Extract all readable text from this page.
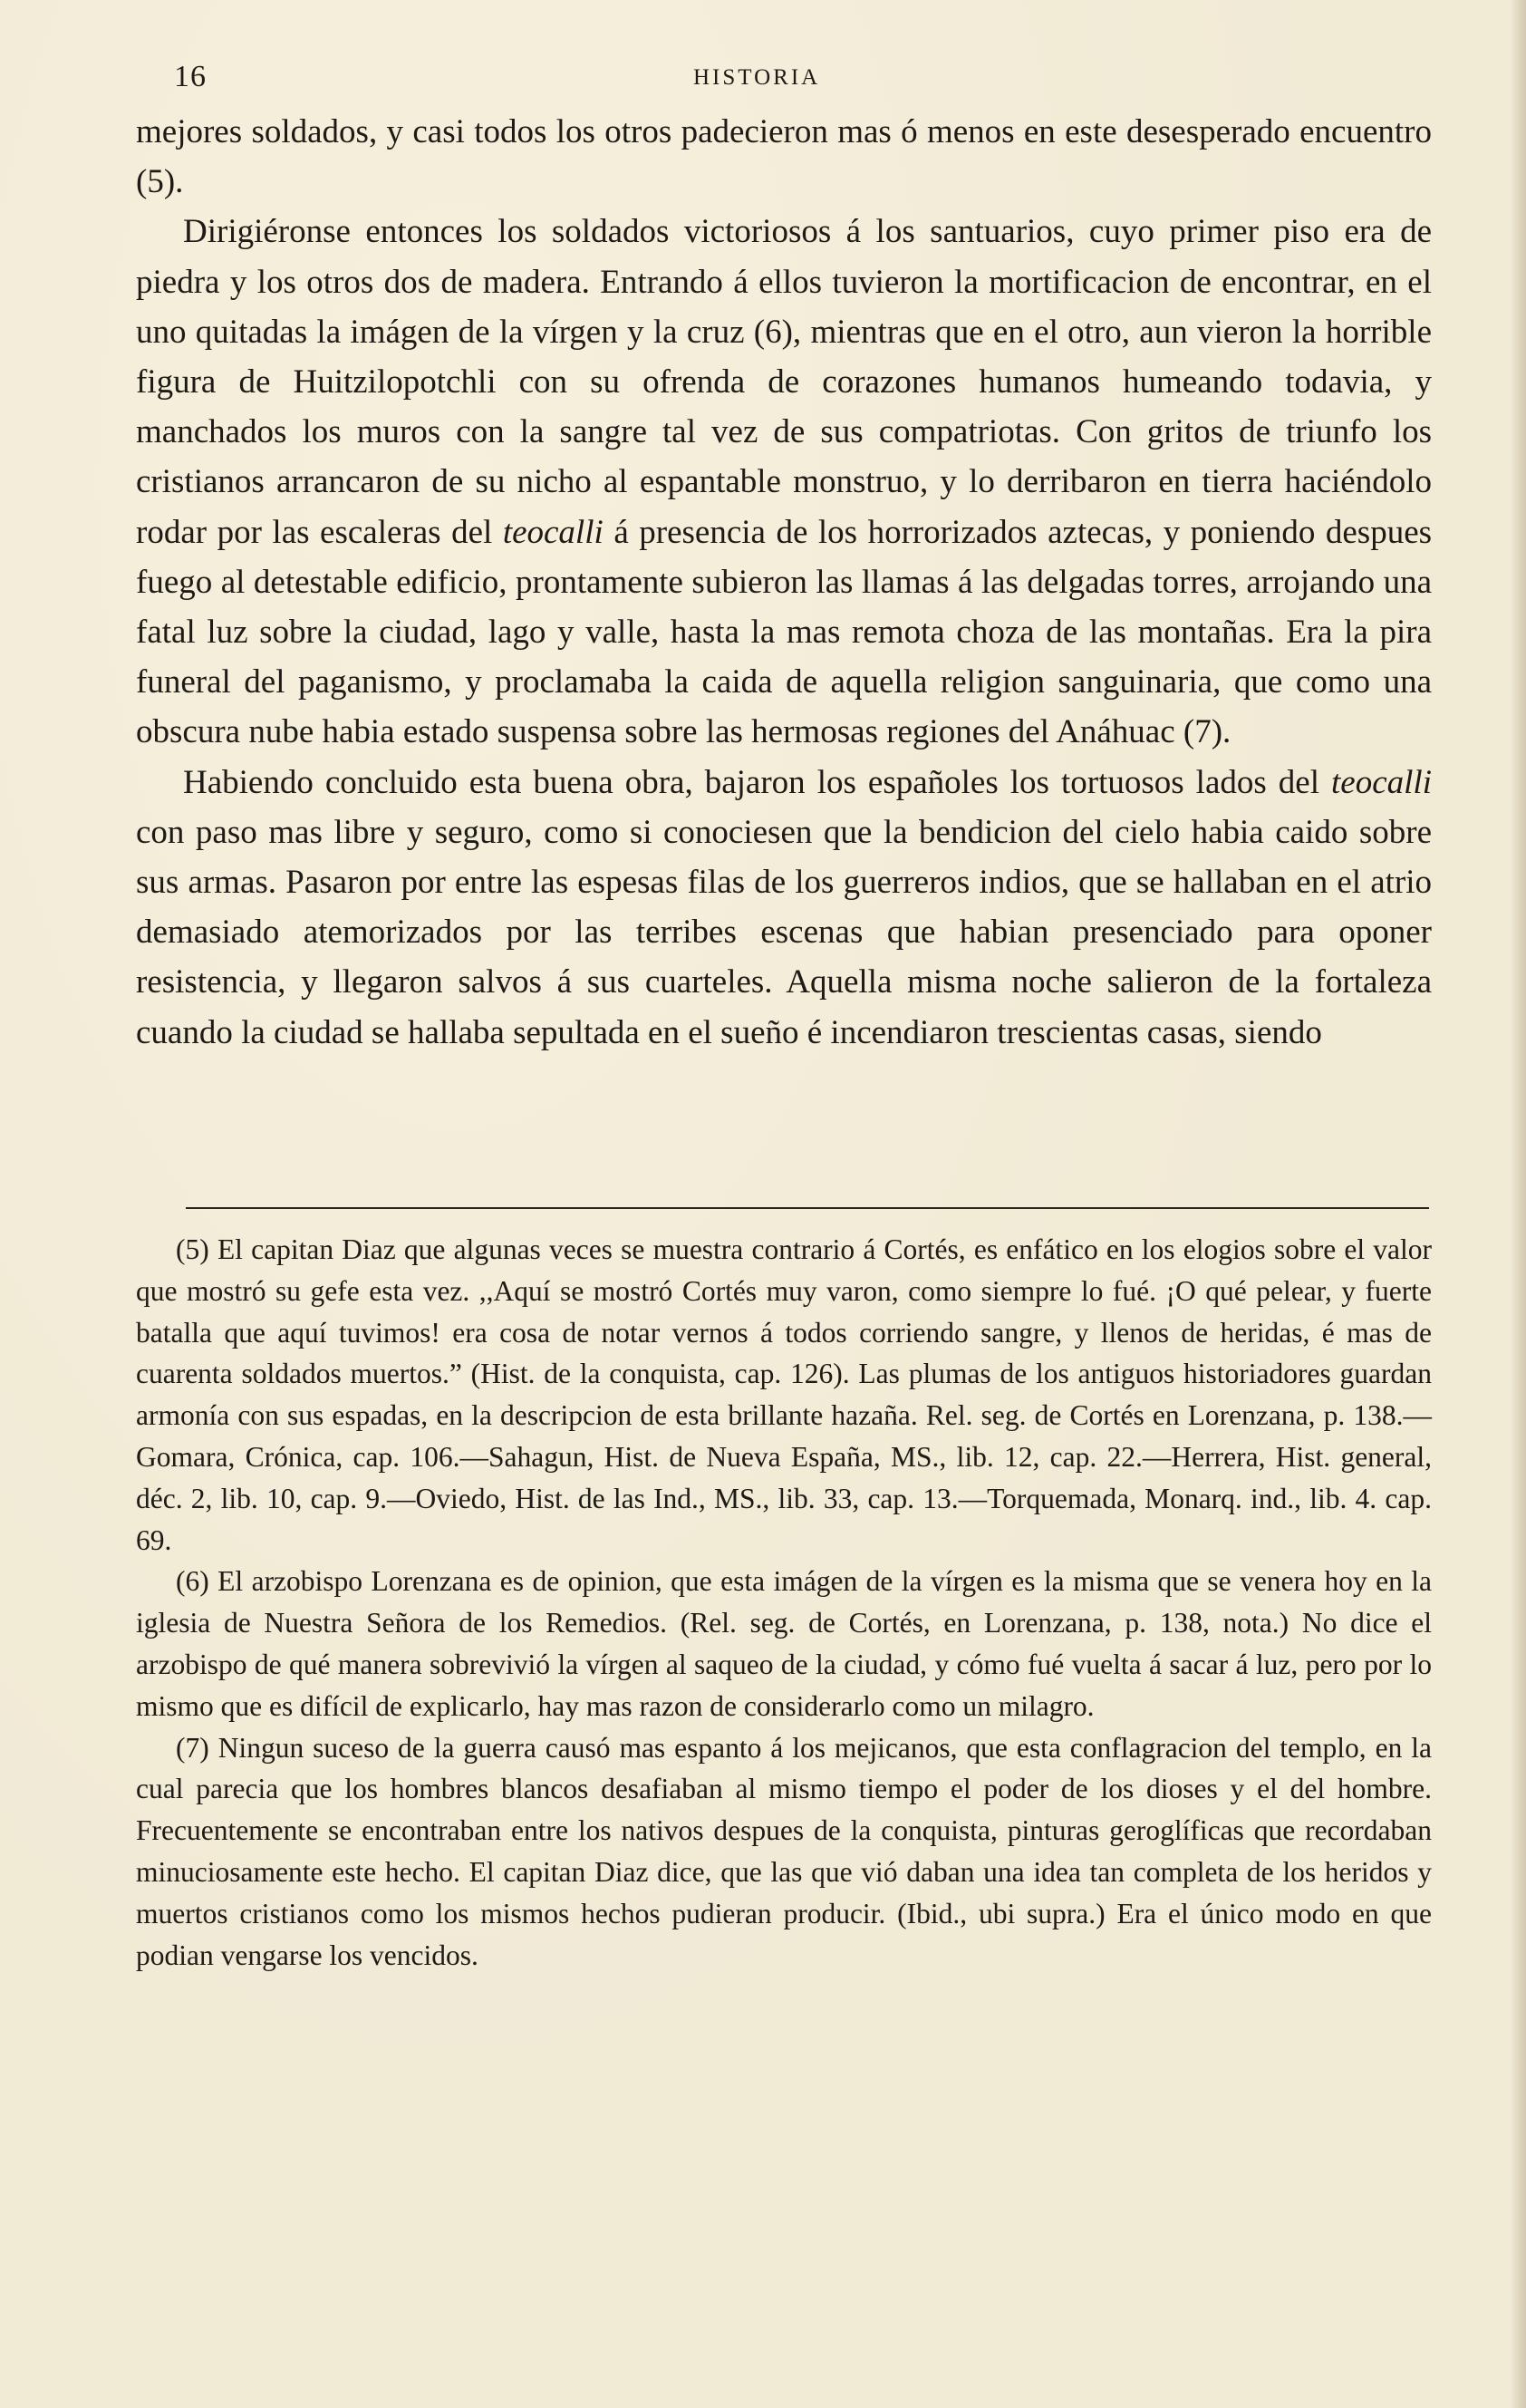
16	HISTORIA

mejores soldados, y casi todos los otros padecieron mas ó menos en este desesperado encuentro (5).

Dirigiéronse entonces los soldados victoriosos á los santuarios, cuyo primer piso era de piedra y los otros dos de madera. Entrando á ellos tuvieron la mortificacion de encontrar, en el uno quitadas la imágen de la vírgen y la cruz (6), mientras que en el otro, aun vieron la horrible figura de Huitzilopotchli con su ofrenda de corazones humanos humeando todavia, y manchados los muros con la sangre tal vez de sus compatriotas. Con gritos de triunfo los cristianos arrancaron de su nicho al espantable monstruo, y lo derribaron en tierra haciéndolo rodar por las escaleras del teocalli á presencia de los horrorizados aztecas, y poniendo despues fuego al detestable edificio, prontamente subieron las llamas á las delgadas torres, arrojando una fatal luz sobre la ciudad, lago y valle, hasta la mas remota choza de las montañas. Era la pira funeral del paganismo, y proclamaba la caida de aquella religion sanguinaria, que como una obscura nube habia estado suspensa sobre las hermosas regiones del Anáhuac (7).

Habiendo concluido esta buena obra, bajaron los españoles los tortuosos lados del teocalli con paso mas libre y seguro, como si conociesen que la bendicion del cielo habia caido sobre sus armas. Pasaron por entre las espesas filas de los guerreros indios, que se hallaban en el atrio demasiado atemorizados por las terribes escenas que habian presenciado para oponer resistencia, y llegaron salvos á sus cuarteles. Aquella misma noche salieron de la fortaleza cuando la ciudad se hallaba sepultada en el sueño é incendiaron trescientas casas, siendo

(5) El capitan Diaz que algunas veces se muestra contrario á Cortés, es enfático en los elogios sobre el valor que mostró su gefe esta vez. ,,Aquí se mostró Cortés muy varon, como siempre lo fué. ¡O qué pelear, y fuerte batalla que aquí tuvimos! era cosa de notar vernos á todos corriendo sangre, y llenos de heridas, é mas de cuarenta soldados muertos.” (Hist. de la conquista, cap. 126). Las plumas de los antiguos historiadores guardan armonía con sus espadas, en la descripcion de esta brillante hazaña. Rel. seg. de Cortés en Lorenzana, p. 138.—Gomara, Crónica, cap. 106.—Sahagun, Hist. de Nueva España, MS., lib. 12, cap. 22.—Herrera, Hist. general, déc. 2, lib. 10, cap. 9.—Oviedo, Hist. de las Ind., MS., lib. 33, cap. 13.—Torquemada, Monarq. ind., lib. 4. cap. 69.

(6) El arzobispo Lorenzana es de opinion, que esta imágen de la vírgen es la misma que se venera hoy en la iglesia de Nuestra Señora de los Remedios. (Rel. seg. de Cortés, en Lorenzana, p. 138, nota.) No dice el arzobispo de qué manera sobrevivió la vírgen al saqueo de la ciudad, y cómo fué vuelta á sacar á luz, pero por lo mismo que es difícil de explicarlo, hay mas razon de considerarlo como un milagro.

(7) Ningun suceso de la guerra causó mas espanto á los mejicanos, que esta conflagracion del templo, en la cual parecia que los hombres blancos desafiaban al mismo tiempo el poder de los dioses y el del hombre. Frecuentemente se encontraban entre los nativos despues de la conquista, pinturas geroglíficas que recordaban minuciosamente este hecho. El capitan Diaz dice, que las que vió daban una idea tan completa de los heridos y muertos cristianos como los mismos hechos pudieran producir. (Ibid., ubi supra.) Era el único modo en que podian vengarse los vencidos.
